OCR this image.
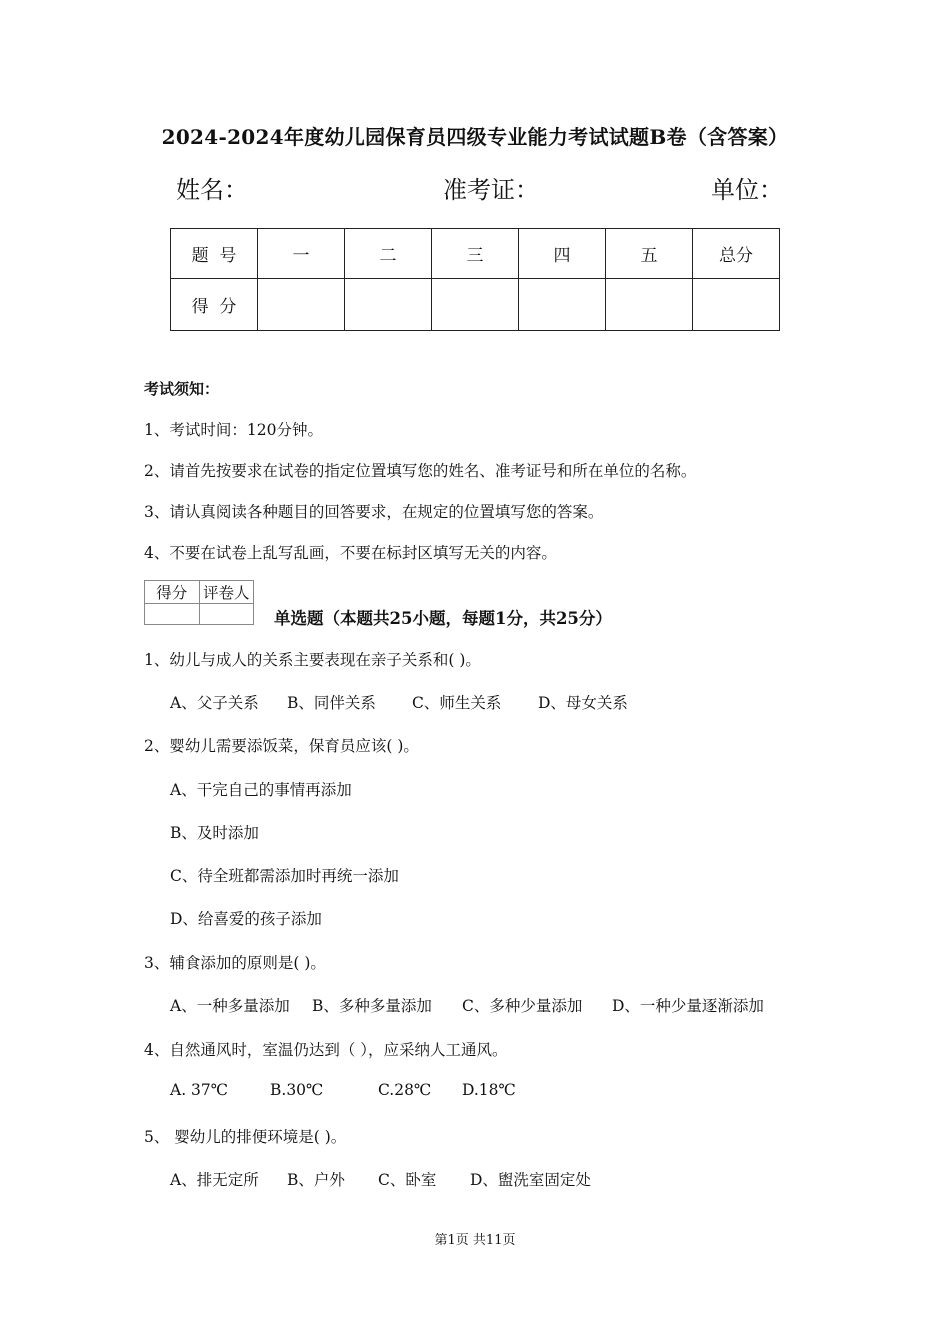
2024-2024年度幼儿园保育员四级专业能力考试试题B卷（含答案）
姓名：	准考证：	单位：
题  号	一	二	三	四	五	总分
得  分						
考试须知：
1、考试时间：120分钟。
2、请首先按要求在试卷的指定位置填写您的姓名、准考证号和所在单位的名称。
3、请认真阅读各种题目的回答要求，在规定的位置填写您的答案。
4、不要在试卷上乱写乱画，不要在标封区填写无关的内容。
得分	评卷人

单选题（本题共25小题，每题1分，共25分）
1、幼儿与成人的关系主要表现在亲子关系和( )。
A、父子关系 B、同伴关系 C、师生关系 D、母女关系
2、婴幼儿需要添饭菜，保育员应该( )。
A、干完自己的事情再添加
B、及时添加
C、待全班都需添加时再统一添加
D、给喜爱的孩子添加
3、辅食添加的原则是( )。
A、一种多量添加 B、多种多量添加 C、多种少量添加 D、一种少量逐渐添加
4、自然通风时，室温仍达到（ ），应采纳人工通风。
A. 37℃	B.30℃	C.28℃ D.18℃
5、 婴幼儿的排便环境是( )。
A、排无定所 B、户外 C、卧室 D、盥洗室固定处
第1页 共11页
